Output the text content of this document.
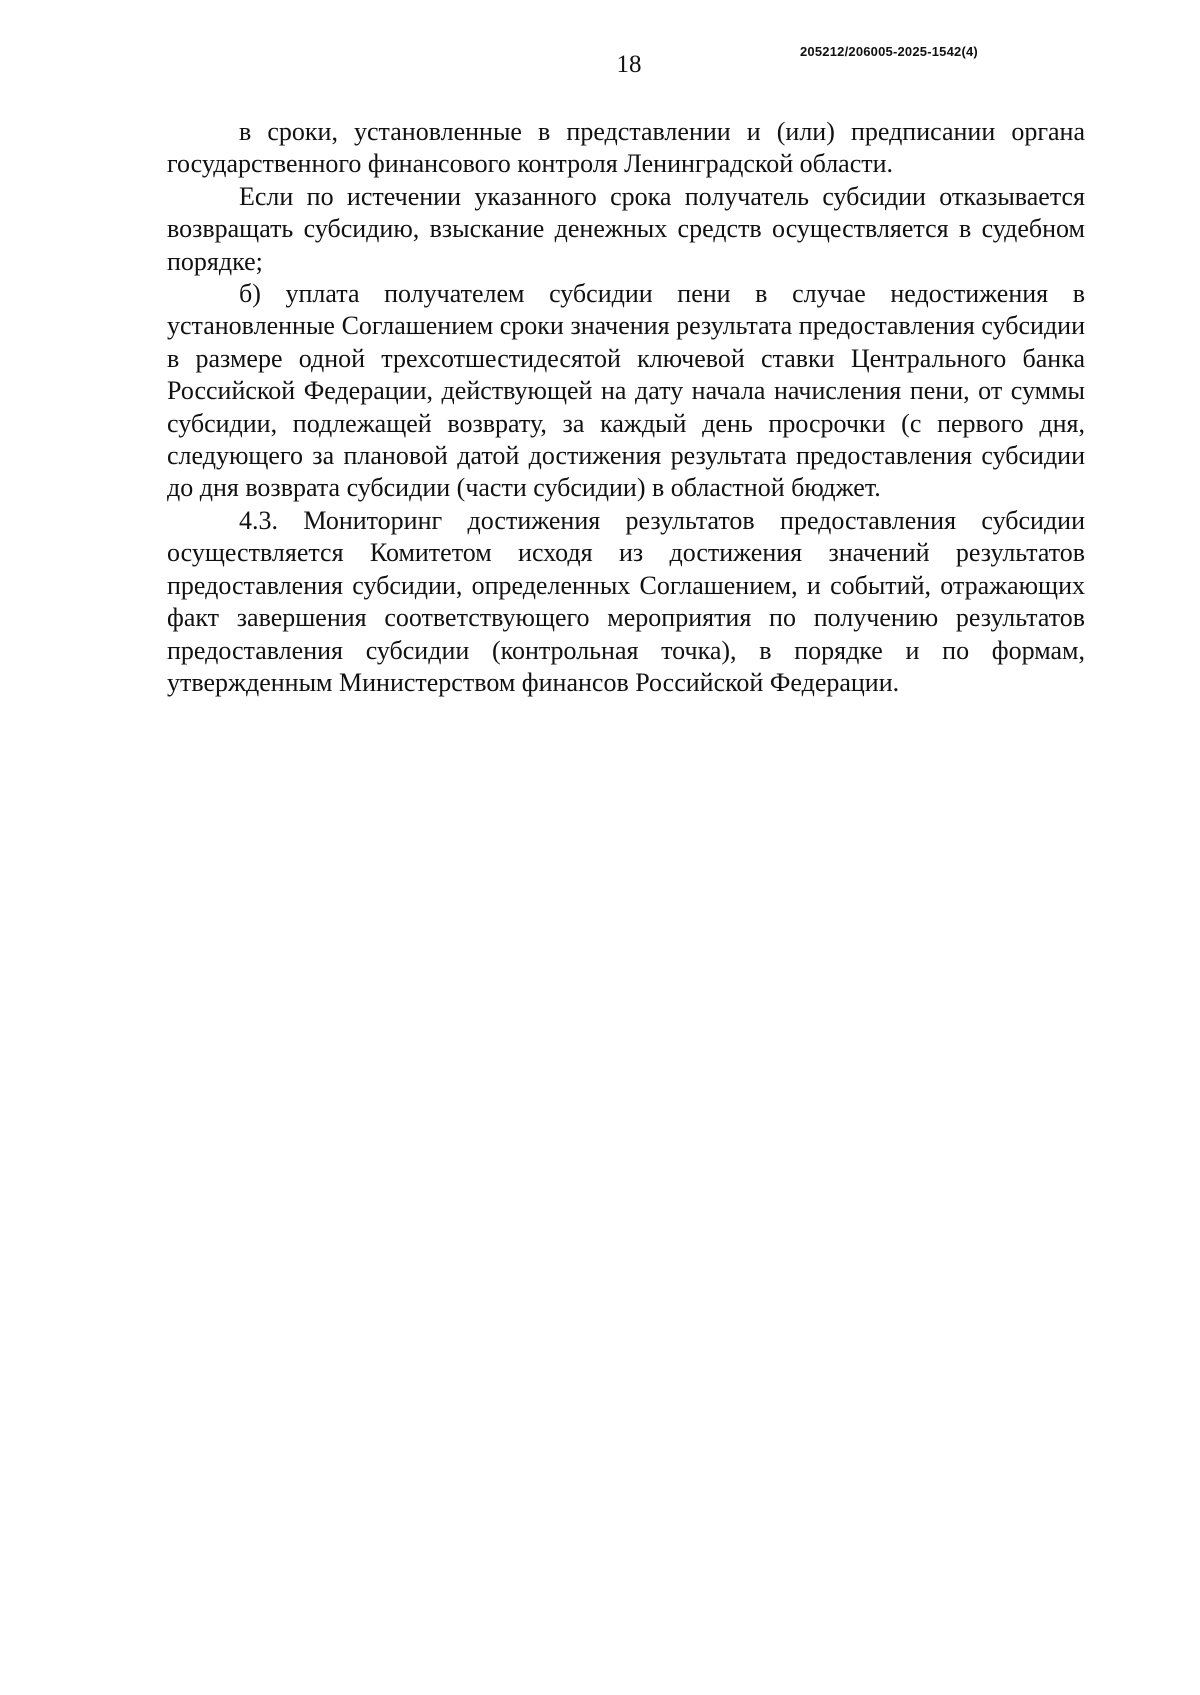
18	205212/206005-2025-1542(4)

в сроки, установленные в представлении и (или) предписании органа государственного финансового контроля Ленинградской области.

Если по истечении указанного срока получатель субсидии отказывается возвращать субсидию, взыскание денежных средств осуществляется в судебном порядке;

б) уплата получателем субсидии пени в случае недостижения в установленные Соглашением сроки значения результата предоставления субсидии в размере одной трехсотшестидесятой ключевой ставки Центрального банка Российской Федерации, действующей на дату начала начисления пени, от суммы субсидии, подлежащей возврату, за каждый день просрочки (с первого дня, следующего за плановой датой достижения результата предоставления субсидии до дня возврата субсидии (части субсидии) в областной бюджет.

4.3. Мониторинг достижения результатов предоставления субсидии осуществляется Комитетом исходя из достижения значений результатов предоставления субсидии, определенных Соглашением, и событий, отражающих факт завершения соответствующего мероприятия по получению результатов предоставления субсидии (контрольная точка), в порядке и по формам, утвержденным Министерством финансов Российской Федерации.
